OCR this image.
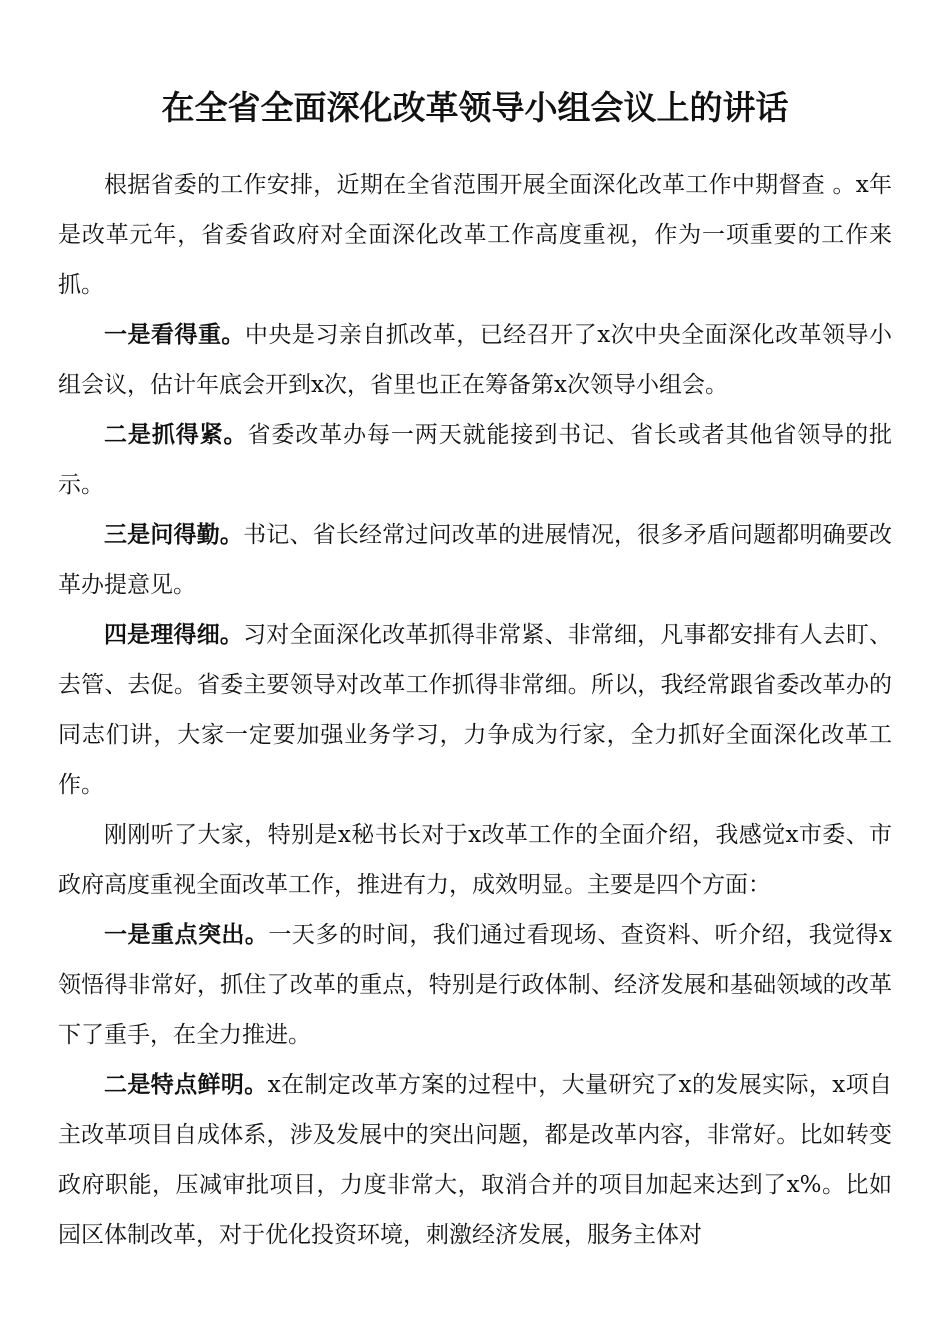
在全省全面深化改革领导小组会议上的讲话

根据省委的工作安排，近期在全省范围开展全面深化改革工作中期督查 。x年是改革元年，省委省政府对全面深化改革工作高度重视，作为一项重要的工作来抓。

一是看得重。中央是习亲自抓改革，已经召开了x次中央全面深化改革领导小组会议，估计年底会开到x次，省里也正在筹备第x次领导小组会。

二是抓得紧。省委改革办每一两天就能接到书记、省长或者其他省领导的批示。

三是问得勤。书记、省长经常过问改革的进展情况，很多矛盾问题都明确要改革办提意见。

四是理得细。习对全面深化改革抓得非常紧、非常细，凡事都安排有人去盯、去管、去促。省委主要领导对改革工作抓得非常细。所以，我经常跟省委改革办的同志们讲，大家一定要加强业务学习，力争成为行家，全力抓好全面深化改革工作。

刚刚听了大家，特别是x秘书长对于x改革工作的全面介绍，我感觉x市委、市政府高度重视全面改革工作，推进有力，成效明显。主要是四个方面：

一是重点突出。一天多的时间，我们通过看现场、查资料、听介绍，我觉得x领悟得非常好，抓住了改革的重点，特别是行政体制、经济发展和基础领域的改革下了重手，在全力推进。

二是特点鲜明。x在制定改革方案的过程中，大量研究了x的发展实际，x项自主改革项目自成体系，涉及发展中的突出问题，都是改革内容，非常好。比如转变政府职能，压减审批项目，力度非常大，取消合并的项目加起来达到了x%。比如园区体制改革，对于优化投资环境，刺激经济发展，服务主体对
